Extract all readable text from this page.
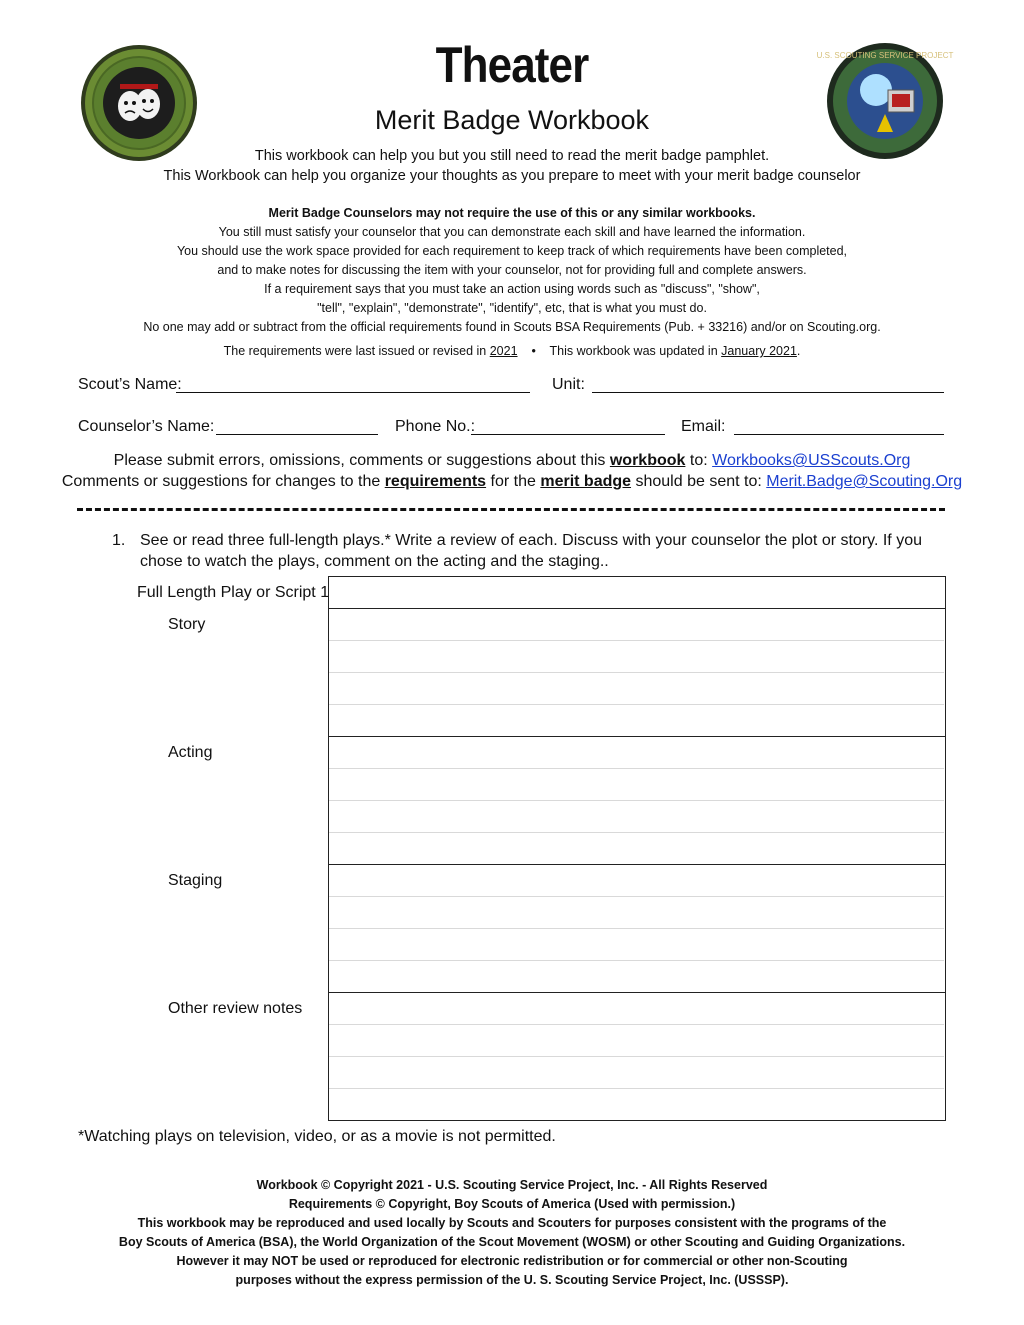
U.S. SCOUTING SERVICE PROJECT
Theater
Merit Badge Workbook
This workbook can help you but you still need to read the merit badge pamphlet.
This Workbook can help you organize your thoughts as you prepare to meet with your merit badge counselor
Merit Badge Counselors may not require the use of this or any similar workbooks.
You still must satisfy your counselor that you can demonstrate each skill and have learned the information.
You should use the work space provided for each requirement to keep track of which requirements have been completed,
and to make notes for discussing the item with your counselor, not for providing full and complete answers.
If a requirement says that you must take an action using words such as "discuss", "show",
"tell", "explain", "demonstrate", "identify", etc, that is what you must do.
No one may add or subtract from the official requirements found in Scouts BSA Requirements (Pub. + 33216) and/or on Scouting.org.
The requirements were last issued or revised in 2021 • This workbook was updated in January 2021.
Scout’s Name:	Unit:
Counselor’s Name:	Phone No.:	Email:
Please submit errors, omissions, comments or suggestions about this workbook to: Workbooks@USScouts.Org
Comments or suggestions for changes to the requirements for the merit badge should be sent to: Merit.Badge@Scouting.Org
1. See or read three full-length plays.* Write a review of each. Discuss with your counselor the plot or story. If you chose to watch the plays, comment on the acting and the staging..
Full Length Play or Script 1
Story
Acting
Staging
Other review notes
*Watching plays on television, video, or as a movie is not permitted.
Workbook © Copyright 2021 - U.S. Scouting Service Project, Inc. - All Rights Reserved
Requirements © Copyright, Boy Scouts of America (Used with permission.)
This workbook may be reproduced and used locally by Scouts and Scouters for purposes consistent with the programs of the
Boy Scouts of America (BSA), the World Organization of the Scout Movement (WOSM) or other Scouting and Guiding Organizations.
However it may NOT be used or reproduced for electronic redistribution or for commercial or other non-Scouting
purposes without the express permission of the U. S. Scouting Service Project, Inc. (USSSP).
